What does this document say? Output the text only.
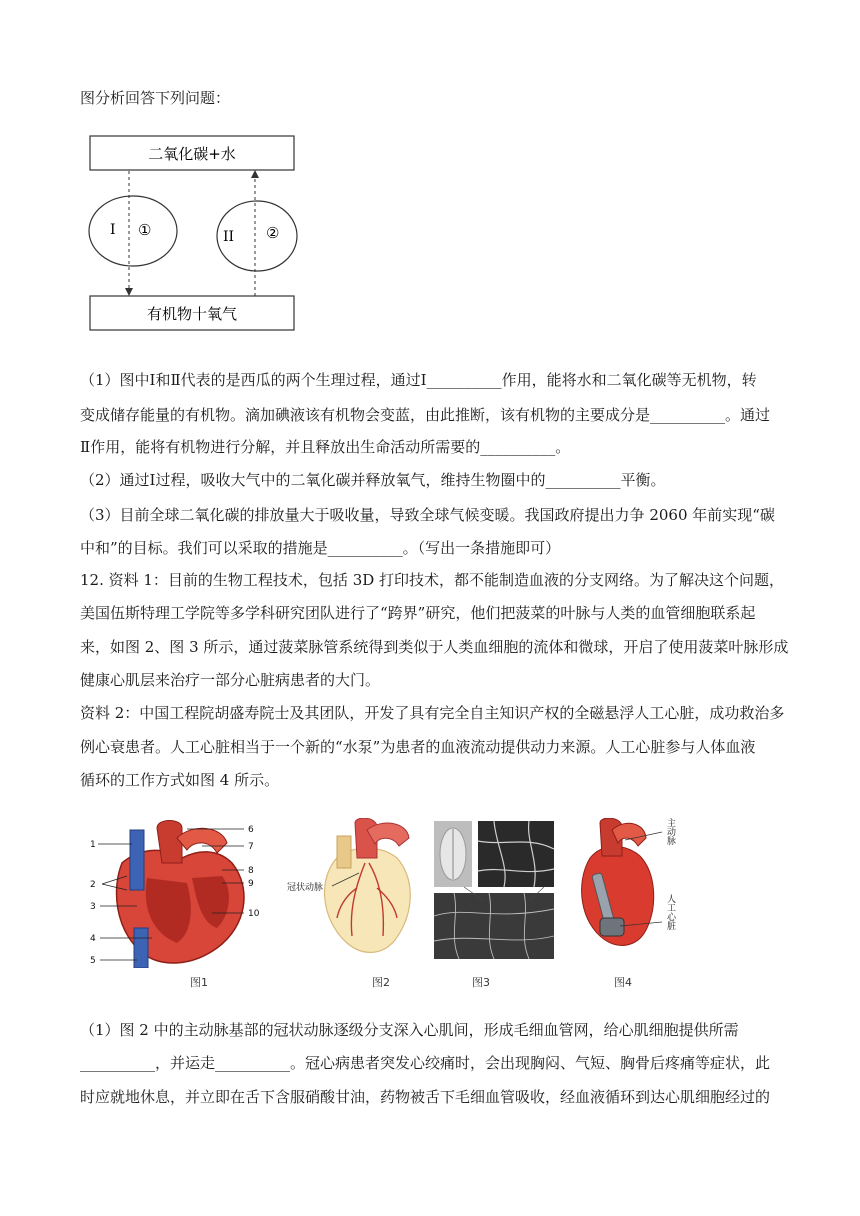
图分析回答下列问题：
二氧化碳+水
有机物十氧气
I ①	II ②
（1）图中Ⅰ和Ⅱ代表的是西瓜的两个生理过程，通过Ⅰ__________作用，能将水和二氧化碳等无机物，转
变成储存能量的有机物。滴加碘液该有机物会变蓝，由此推断，该有机物的主要成分是__________。通过
Ⅱ作用，能将有机物进行分解，并且释放出生命活动所需要的__________。
（2）通过Ⅰ过程，吸收大气中的二氧化碳并释放氧气，维持生物圈中的__________平衡。
（3）目前全球二氧化碳的排放量大于吸收量，导致全球气候变暖。我国政府提出力争 2060 年前实现“碳
中和”的目标。我们可以采取的措施是__________。（写出一条措施即可）
12. 资料 1：目前的生物工程技术，包括 3D 打印技术，都不能制造血液的分支网络。为了解决这个问题，
美国伍斯特理工学院等多学科研究团队进行了“跨界”研究，他们把菠菜的叶脉与人类的血管细胞联系起
来，如图 2、图 3 所示，通过菠菜脉管系统得到类似于人类血细胞的流体和微球，开启了使用菠菜叶脉形成
健康心肌层来治疗一部分心脏病患者的大门。
资料 2：中国工程院胡盛寿院士及其团队，开发了具有完全自主知识产权的全磁悬浮人工心脏，成功救治多
例心衰患者。人工心脏相当于一个新的“水泵”为患者的血液流动提供动力来源。人工心脏参与人体血液
循环的工作方式如图 4 所示。
1
2
3
4
5
6
7
8
9
10
冠状动脉
主动脉
人工心脏
图1	图2	图3	图4
（1）图 2 中的主动脉基部的冠状动脉逐级分支深入心肌间，形成毛细血管网，给心肌细胞提供所需
__________，并运走__________。冠心病患者突发心绞痛时，会出现胸闷、气短、胸骨后疼痛等症状，此
时应就地休息，并立即在舌下含服硝酸甘油，药物被舌下毛细血管吸收，经血液循环到达心肌细胞经过的
